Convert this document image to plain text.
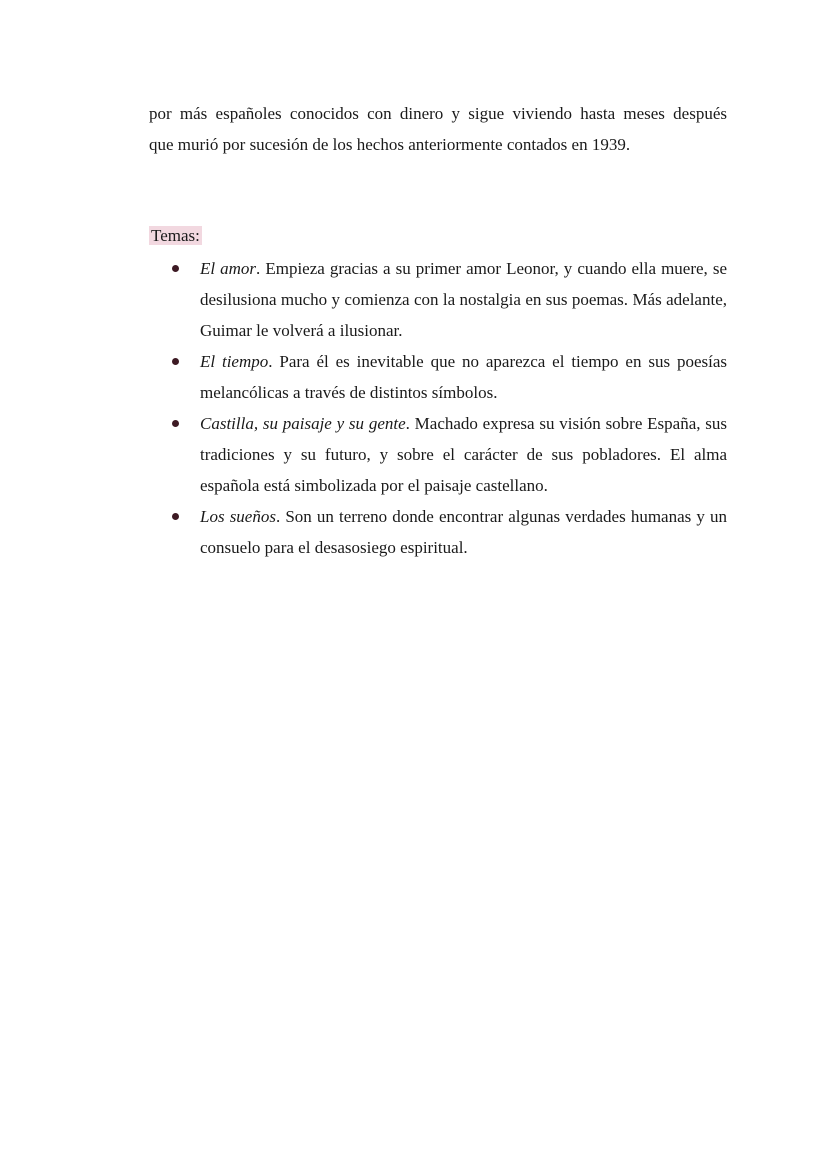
por más españoles conocidos con dinero y sigue viviendo hasta meses después
que murió por sucesión de los hechos anteriormente contados en 1939.

Temas:
El amor. Empieza gracias a su primer amor Leonor, y cuando ella muere, se desilusiona mucho y comienza con la nostalgia en sus poemas. Más adelante, Guimar le volverá a ilusionar.
El tiempo. Para él es inevitable que no aparezca el tiempo en sus poesías melancólicas a través de distintos símbolos.
Castilla, su paisaje y su gente. Machado expresa su visión sobre España, sus tradiciones y su futuro, y sobre el carácter de sus pobladores. El alma española está simbolizada por el paisaje castellano.
Los sueños. Son un terreno donde encontrar algunas verdades humanas y un consuelo para el desasosiego espiritual.
